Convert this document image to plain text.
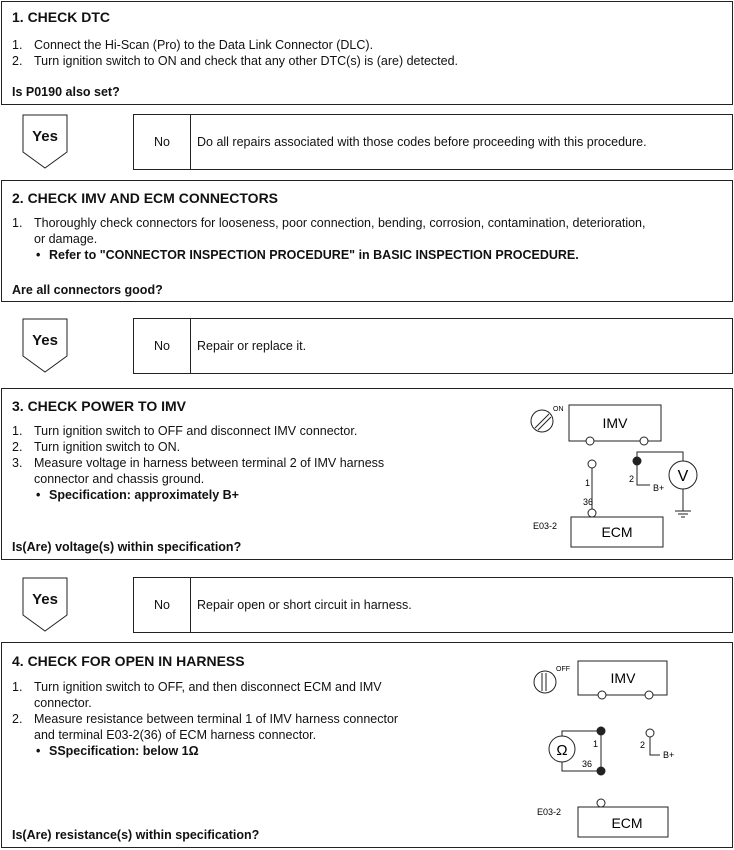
1. CHECK DTC
1. Connect the Hi-Scan (Pro) to the Data Link Connector (DLC).
2. Turn ignition switch to ON and check that any other DTC(s) is (are) detected.
Is P0190 also set?
Yes	No	Do all repairs associated with those codes before proceeding with this procedure.
2. CHECK IMV AND ECM CONNECTORS
1. Thoroughly check connectors for looseness, poor connection, bending, corrosion, contamination, deterioration,
or damage.
• Refer to "CONNECTOR INSPECTION PROCEDURE" in BASIC INSPECTION PROCEDURE.
Are all connectors good?
Yes	No	Repair or replace it.
3. CHECK POWER TO IMV
1. Turn ignition switch to OFF and disconnect IMV connector.
2. Turn ignition switch to ON.
3. Measure voltage in harness between terminal 2 of IMV harness
connector and chassis ground.
• Specification: approximately B+
Is(Are) voltage(s) within specification?
ON
IMV
1	2
B+
V
36
E03-2	ECM
Yes	No	Repair open or short circuit in harness.
4. CHECK FOR OPEN IN HARNESS
1. Turn ignition switch to OFF, and then disconnect ECM and IMV
connector.
2. Measure resistance between terminal 1 of IMV harness connector
and terminal E03-2(36) of ECM harness connector.
• SSpecification: below 1Ω
Is(Are) resistance(s) within specification?
OFF
IMV
1
36
Ω	2
B+
E03-2
ECM
